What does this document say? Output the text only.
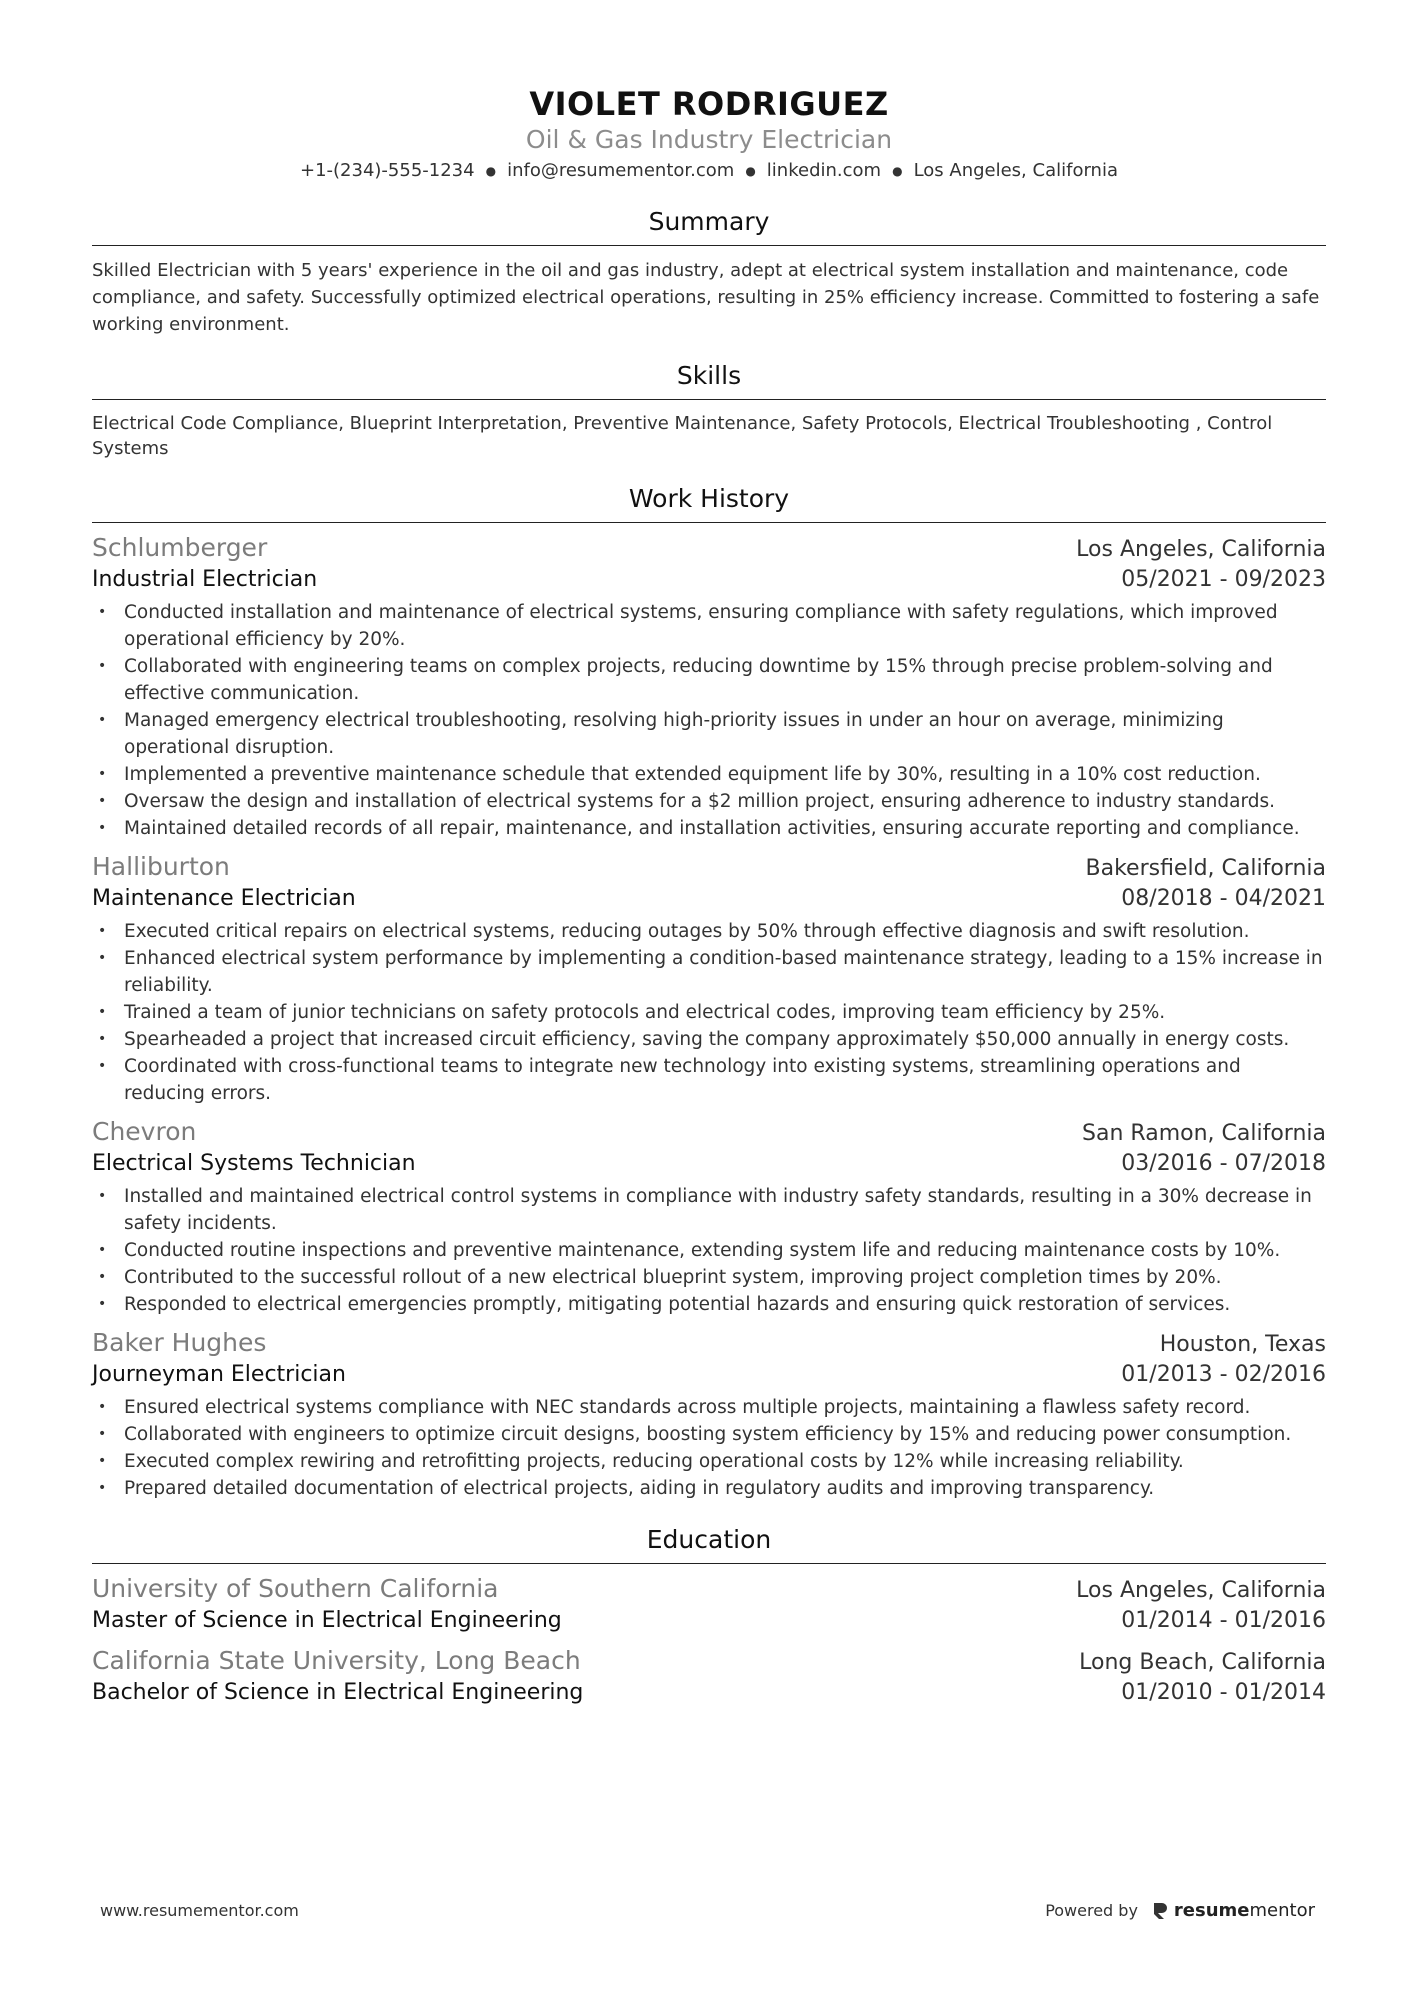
VIOLET RODRIGUEZ
Oil & Gas Industry Electrician
+1-(234)-555-1234 ● info@resumementor.com ● linkedin.com ● Los Angeles, California
Summary
Skilled Electrician with 5 years' experience in the oil and gas industry, adept at electrical system installation and maintenance, code compliance, and safety. Successfully optimized electrical operations, resulting in 25% efficiency increase. Committed to fostering a safe working environment.
Skills
Electrical Code Compliance, Blueprint Interpretation, Preventive Maintenance, Safety Protocols, Electrical Troubleshooting , Control Systems
Work History
Schlumberger	Los Angeles, California
Industrial Electrician	05/2021 - 09/2023
• Conducted installation and maintenance of electrical systems, ensuring compliance with safety regulations, which improved operational efficiency by 20%.
• Collaborated with engineering teams on complex projects, reducing downtime by 15% through precise problem-solving and effective communication.
• Managed emergency electrical troubleshooting, resolving high-priority issues in under an hour on average, minimizing operational disruption.
• Implemented a preventive maintenance schedule that extended equipment life by 30%, resulting in a 10% cost reduction.
• Oversaw the design and installation of electrical systems for a $2 million project, ensuring adherence to industry standards.
• Maintained detailed records of all repair, maintenance, and installation activities, ensuring accurate reporting and compliance.
Halliburton	Bakersfield, California
Maintenance Electrician	08/2018 - 04/2021
• Executed critical repairs on electrical systems, reducing outages by 50% through effective diagnosis and swift resolution.
• Enhanced electrical system performance by implementing a condition-based maintenance strategy, leading to a 15% increase in reliability.
• Trained a team of junior technicians on safety protocols and electrical codes, improving team efficiency by 25%.
• Spearheaded a project that increased circuit efficiency, saving the company approximately $50,000 annually in energy costs.
• Coordinated with cross-functional teams to integrate new technology into existing systems, streamlining operations and reducing errors.
Chevron	San Ramon, California
Electrical Systems Technician	03/2016 - 07/2018
• Installed and maintained electrical control systems in compliance with industry safety standards, resulting in a 30% decrease in safety incidents.
• Conducted routine inspections and preventive maintenance, extending system life and reducing maintenance costs by 10%.
• Contributed to the successful rollout of a new electrical blueprint system, improving project completion times by 20%.
• Responded to electrical emergencies promptly, mitigating potential hazards and ensuring quick restoration of services.
Baker Hughes	Houston, Texas
Journeyman Electrician	01/2013 - 02/2016
• Ensured electrical systems compliance with NEC standards across multiple projects, maintaining a flawless safety record.
• Collaborated with engineers to optimize circuit designs, boosting system efficiency by 15% and reducing power consumption.
• Executed complex rewiring and retrofitting projects, reducing operational costs by 12% while increasing reliability.
• Prepared detailed documentation of electrical projects, aiding in regulatory audits and improving transparency.
Education
University of Southern California	Los Angeles, California
Master of Science in Electrical Engineering	01/2014 - 01/2016
California State University, Long Beach	Long Beach, California
Bachelor of Science in Electrical Engineering	01/2010 - 01/2014
www.resumementor.com	Powered by resumementor
